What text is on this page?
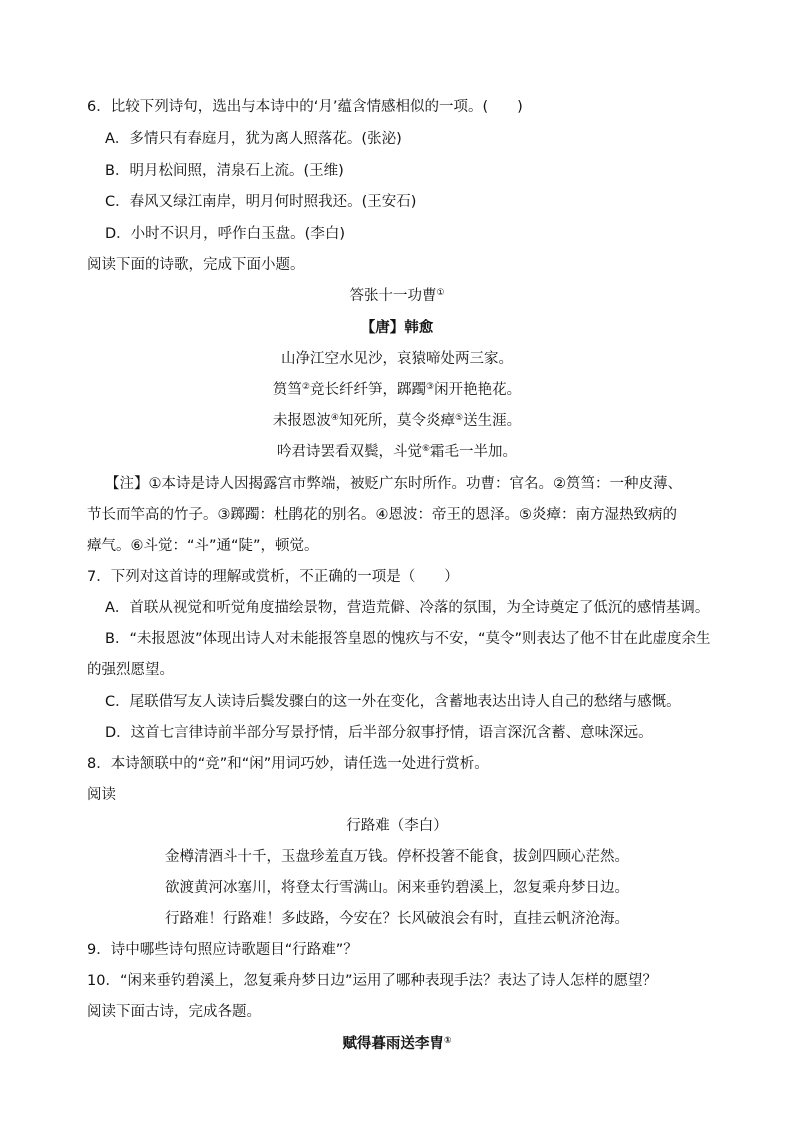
6．比较下列诗句，选出与本诗中的‘月’蕴含情感相似的一项。(　　)
A．多情只有春庭月，犹为离人照落花。(张泌)
B．明月松间照，清泉石上流。(王维)
C．春风又绿江南岸，明月何时照我还。(王安石)
D．小时不识月，呼作白玉盘。(李白)
阅读下面的诗歌，完成下面小题。
答张十一功曹①
【唐】韩愈
山净江空水见沙，哀猿啼处两三家。
筼筜②竞长纤纤笋，踯躅③闲开艳艳花。
未报恩波④知死所，莫令炎瘴⑤送生涯。
吟君诗罢看双鬓，斗觉⑥霜毛一半加。
【注】①本诗是诗人因揭露宫市弊端，被贬广东时所作。功曹：官名。②筼筜：一种皮薄、
节长而竿高的竹子。③踯躅：杜鹃花的别名。④恩波：帝王的恩泽。⑤炎瘴：南方湿热致病的
瘴气。⑥斗觉：“斗”通“陡”，顿觉。
7．下列对这首诗的理解或赏析，不正确的一项是（　　）
A．首联从视觉和听觉角度描绘景物，营造荒僻、冷落的氛围，为全诗奠定了低沉的感情基调。
B．“未报恩波”体现出诗人对未能报答皇恩的愧疚与不安，“莫令”则表达了他不甘在此虚度余生
的强烈愿望。
C．尾联借写友人读诗后鬓发骤白的这一外在变化，含蓄地表达出诗人自己的愁绪与感慨。
D．这首七言律诗前半部分写景抒情，后半部分叙事抒情，语言深沉含蓄、意味深远。
8．本诗颔联中的“竞”和“闲”用词巧妙，请任选一处进行赏析。
阅读
行路难（李白）
金樽清酒斗十千，玉盘珍羞直万钱。停杯投箸不能食，拔剑四顾心茫然。
欲渡黄河冰塞川，将登太行雪满山。闲来垂钓碧溪上，忽复乘舟梦日边。
行路难！行路难！多歧路，今安在？长风破浪会有时，直挂云帆济沧海。
9．诗中哪些诗句照应诗歌题目“行路难”？
10．“闲来垂钓碧溪上，忽复乘舟梦日边”运用了哪种表现手法？表达了诗人怎样的愿望？
阅读下面古诗，完成各题。
赋得暮雨送李胄①
